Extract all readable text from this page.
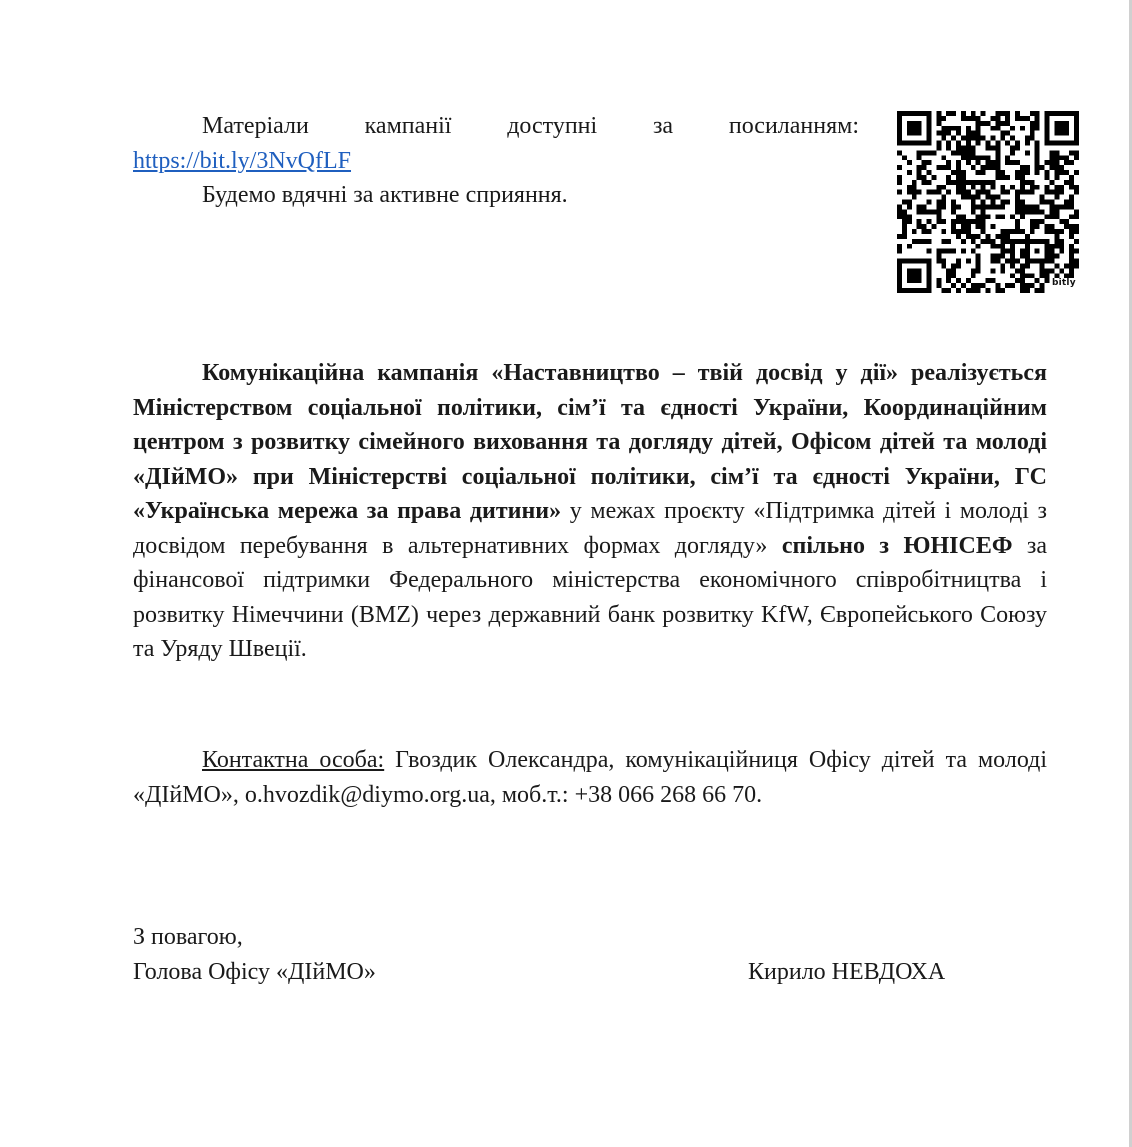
Матеріали кампанії доступні за посиланням:

https://bit.ly/3NvQfLF

Будемо вдячні за активне сприяння.

bitly

Комунікаційна кампанія «Наставництво – твій досвід у дії» реалізується Міністерством соціальної політики, сім’ї та єдності України, Координаційним центром з розвитку сімейного виховання та догляду дітей, Офісом дітей та молоді «ДІйМО» при Міністерстві соціальної політики, сім’ї та єдності України, ГС «Українська мережа за права дитини» у межах проєкту «Підтримка дітей і молоді з досвідом перебування в альтернативних формах догляду» спільно з ЮНІСЕФ за фінансової підтримки Федерального міністерства економічного співробітництва і розвитку Німеччини (BMZ) через державний банк розвитку KfW, Європейського Союзу та Уряду Швеції.

Контактна особа: Гвоздик Олександра, комунікаційниця Офісу дітей та молоді «ДІйМО», o.hvozdik@diymo.org.ua, моб.т.: +38 066 268 66 70.

З повагою,
Голова Офісу «ДІйМО»	Кирило НЕВДОХА
